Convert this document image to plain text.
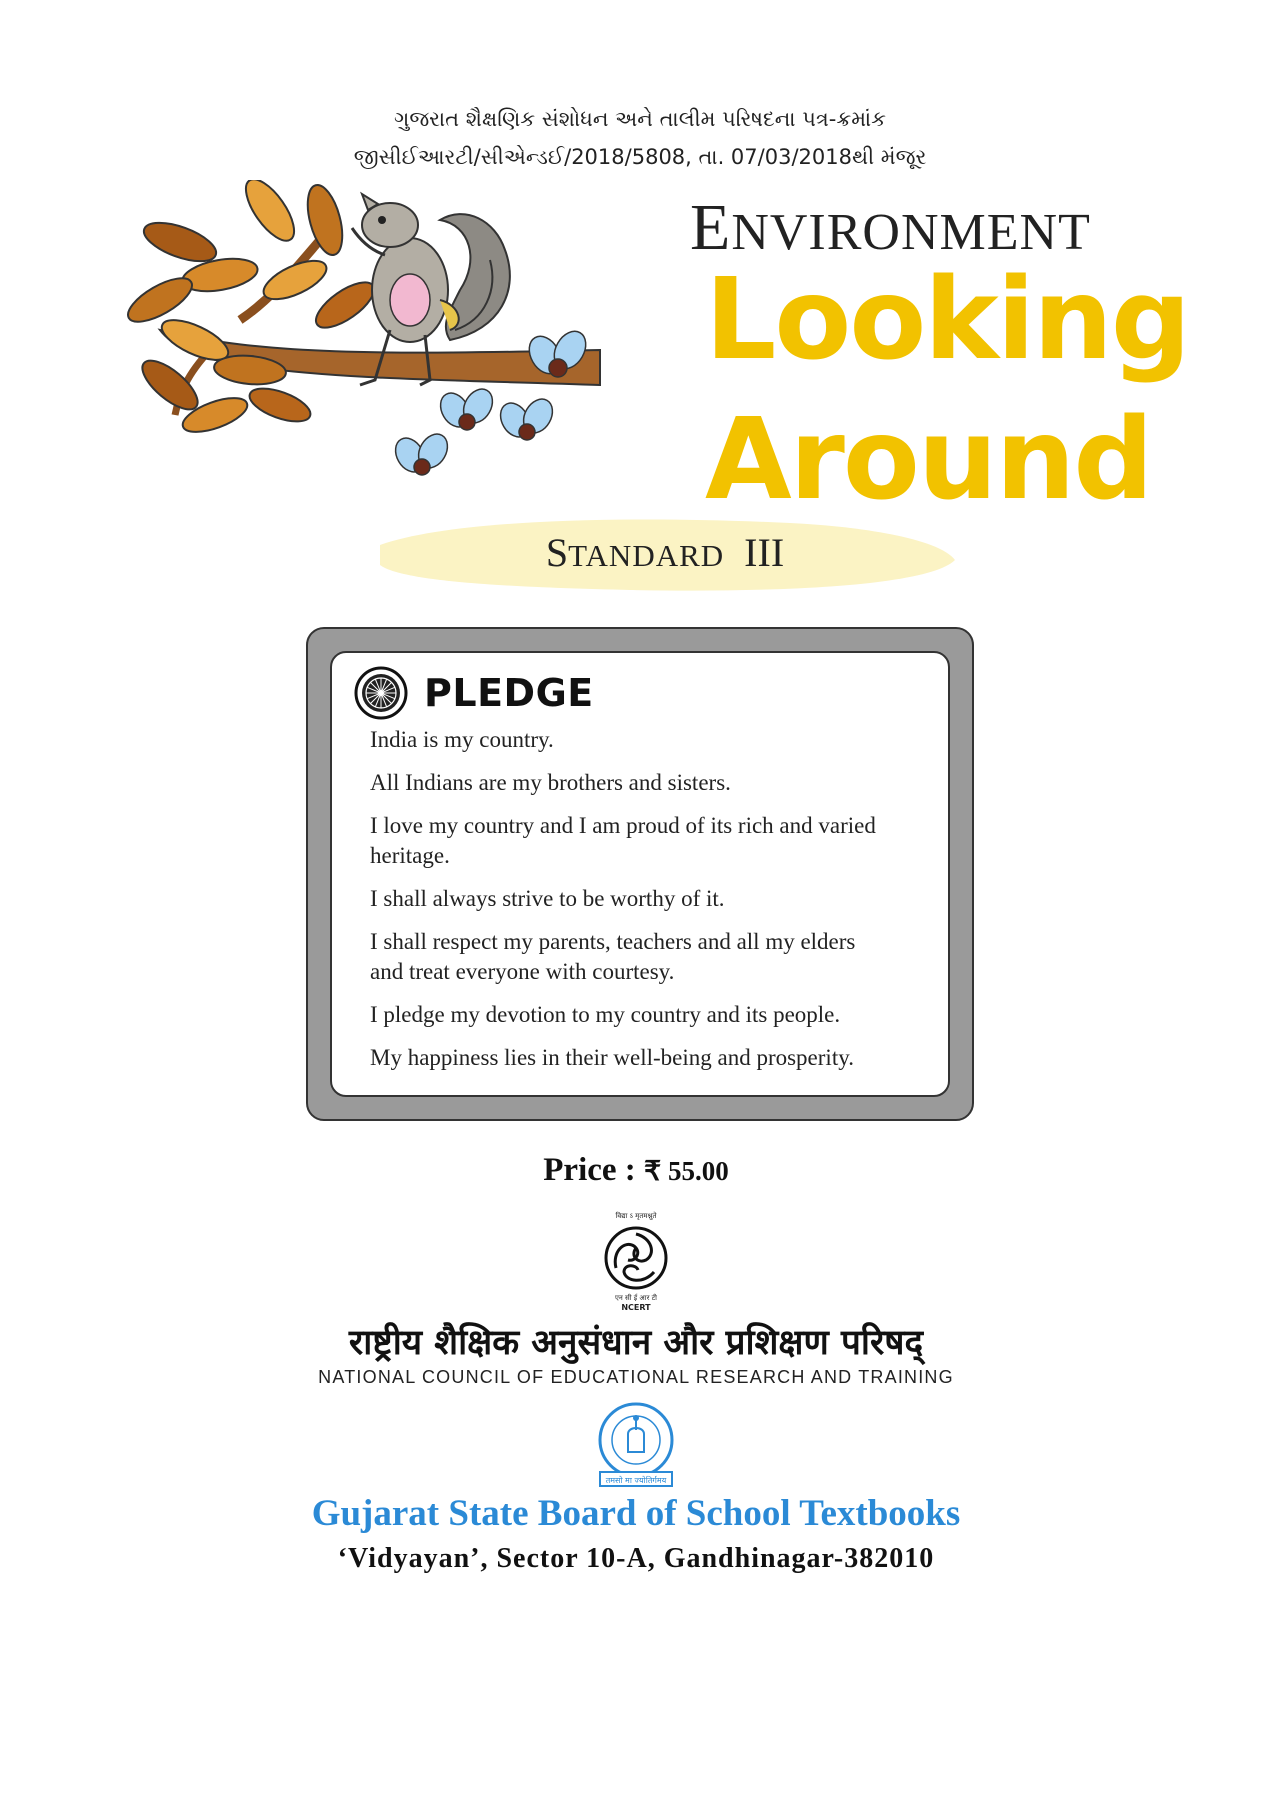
ગુજરાત શૈક્ષણિક સંશોધન અને તાલીમ પરિષદના પત્ર-ક્રમાંક
જીસીઈઆરટી/સીએન્ડઈ/2018/5808, તા. 07/03/2018થી મંજૂર
ENVIRONMENT
Looking
Around
STANDARD III
PLEDGE

India is my country.

All Indians are my brothers and sisters.

I love my country and I am proud of its rich and varied heritage.

I shall always strive to be worthy of it.

I shall respect my parents, teachers and all my elders and treat everyone with courtesy.

I pledge my devotion to my country and its people.

My happiness lies in their well-being and prosperity.

Price : ₹ 55.00
विद्या ऽ मृतमश्नुते
एन सी ई आर टी
NCERT
राष्ट्रीय शैक्षिक अनुसंधान और प्रशिक्षण परिषद्
NATIONAL COUNCIL OF EDUCATIONAL RESEARCH AND TRAINING
तमसो मा ज्योतिर्गमय
Gujarat State Board of School Textbooks
‘Vidyayan’, Sector 10-A, Gandhinagar-382010
